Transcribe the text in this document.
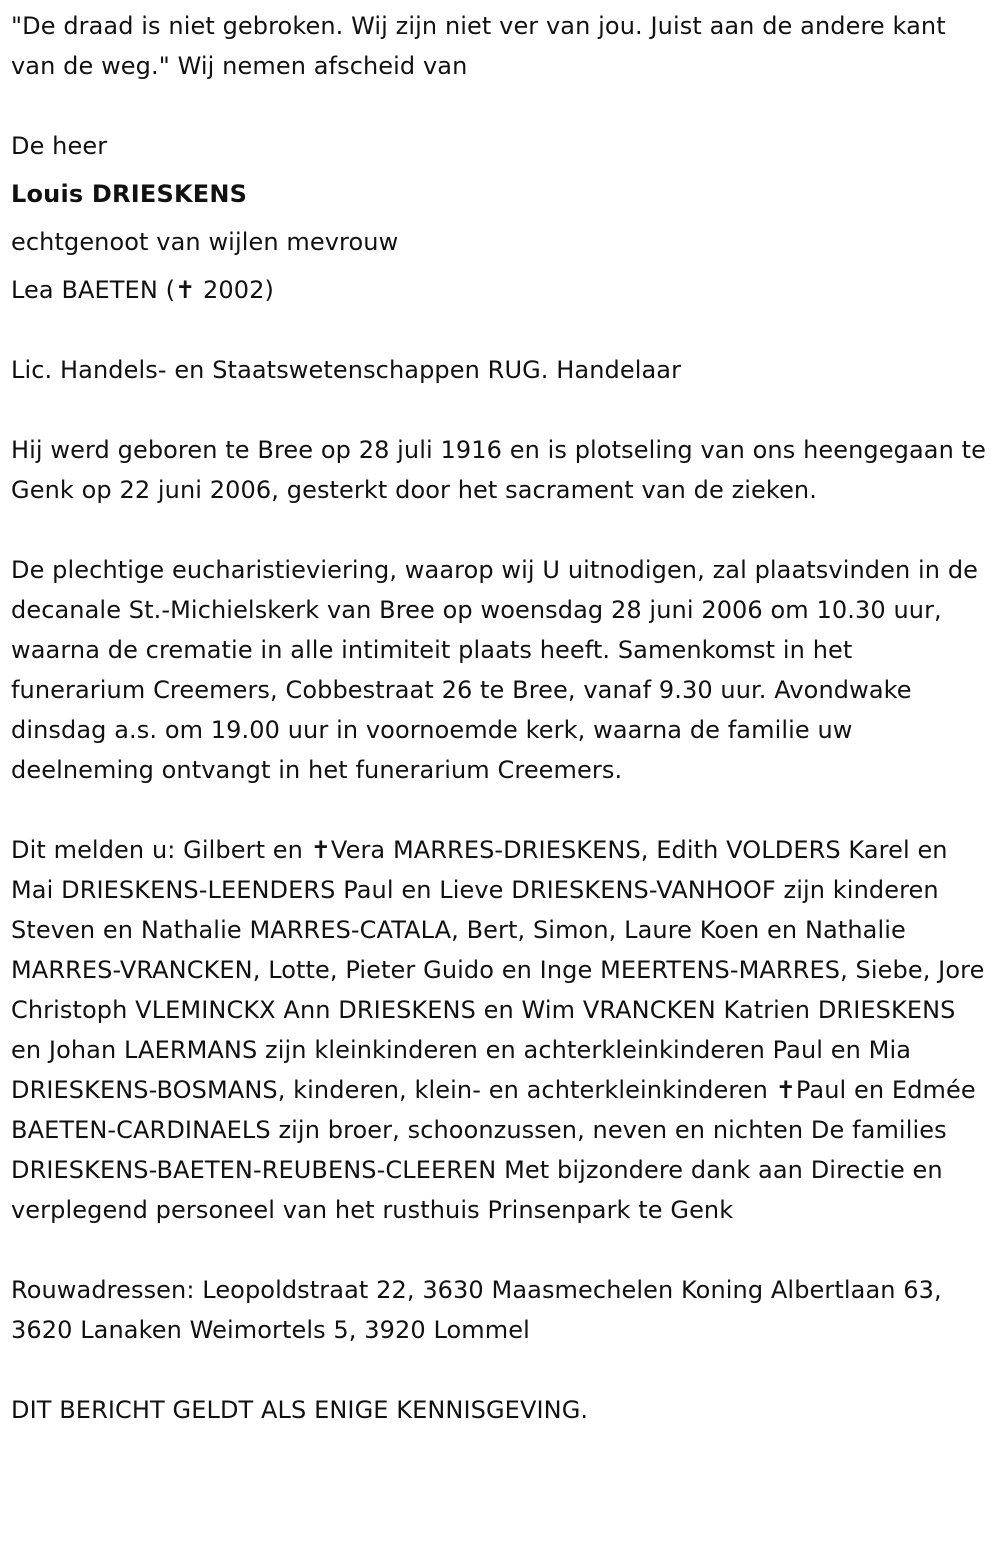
"De draad is niet gebroken. Wij zijn niet ver van jou. Juist aan de andere kant van de weg." Wij nemen afscheid van

De heer

Louis DRIESKENS

echtgenoot van wijlen mevrouw

Lea BAETEN (✝ 2002)

Lic. Handels- en Staatswetenschappen RUG. Handelaar

Hij werd geboren te Bree op 28 juli 1916 en is plotseling van ons heengegaan te Genk op 22 juni 2006, gesterkt door het sacrament van de zieken.

De plechtige eucharistieviering, waarop wij U uitnodigen, zal plaatsvinden in de decanale St.-Michielskerk van Bree op woensdag 28 juni 2006 om 10.30 uur, waarna de crematie in alle intimiteit plaats heeft. Samenkomst in het funerarium Creemers, Cobbestraat 26 te Bree, vanaf 9.30 uur. Avondwake dinsdag a.s. om 19.00 uur in voornoemde kerk, waarna de familie uw deelneming ontvangt in het funerarium Creemers.

Dit melden u: Gilbert en ✝Vera MARRES-DRIESKENS, Edith VOLDERS Karel en Mai DRIESKENS-LEENDERS Paul en Lieve DRIESKENS-VANHOOF zijn kinderen Steven en Nathalie MARRES-CATALA, Bert, Simon, Laure Koen en Nathalie MARRES-VRANCKEN, Lotte, Pieter Guido en Inge MEERTENS-MARRES, Siebe, Jore Christoph VLEMINCKX Ann DRIESKENS en Wim VRANCKEN Katrien DRIESKENS en Johan LAERMANS zijn kleinkinderen en achterkleinkinderen Paul en Mia DRIESKENS-BOSMANS, kinderen, klein- en achterkleinkinderen ✝Paul en Edmée BAETEN-CARDINAELS zijn broer, schoonzussen, neven en nichten De families DRIESKENS-BAETEN-REUBENS-CLEEREN Met bijzondere dank aan Directie en verplegend personeel van het rusthuis Prinsenpark te Genk

Rouwadressen: Leopoldstraat 22, 3630 Maasmechelen Koning Albertlaan 63, 3620 Lanaken Weimortels 5, 3920 Lommel

DIT BERICHT GELDT ALS ENIGE KENNISGEVING.
